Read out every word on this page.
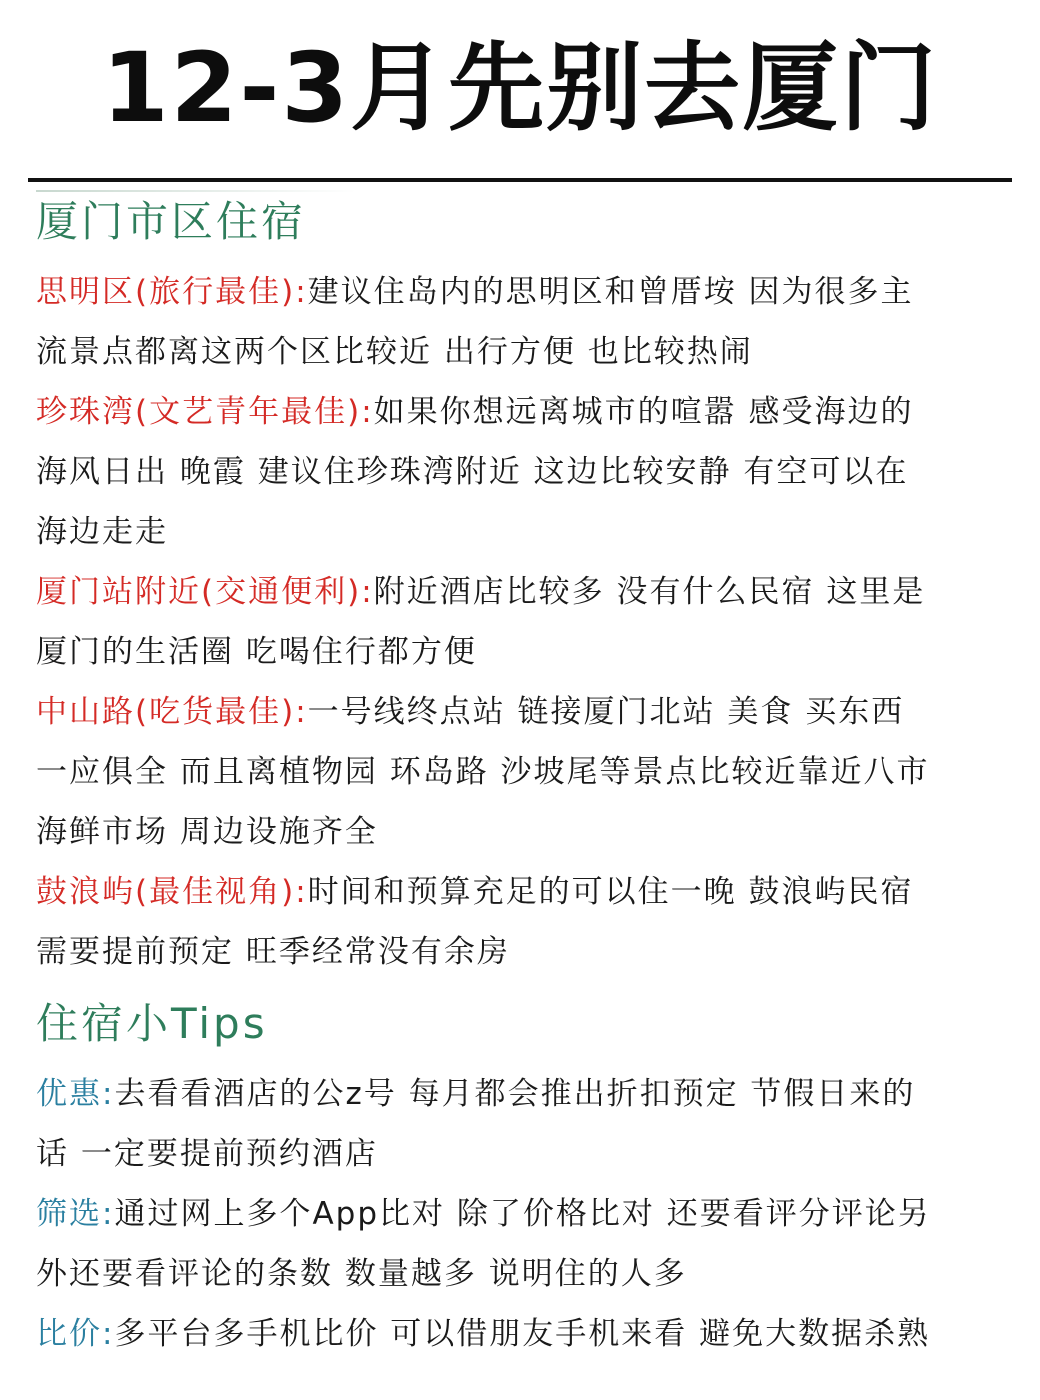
12-3月先别去厦门
厦门市区住宿

思明区(旅行最佳):建议住岛内的思明区和曾厝垵 因为很多主流景点都离这两个区比较近 出行方便 也比较热闹

珍珠湾(文艺青年最佳):如果你想远离城市的喧嚣 感受海边的海风日出 晚霞 建议住珍珠湾附近 这边比较安静 有空可以在海边走走

厦门站附近(交通便利):附近酒店比较多 没有什么民宿 这里是厦门的生活圈 吃喝住行都方便

中山路(吃货最佳):一号线终点站 链接厦门北站 美食 买东西 一应俱全 而且离植物园 环岛路 沙坡尾等景点比较近靠近八市海鲜市场 周边设施齐全

鼓浪屿(最佳视角):时间和预算充足的可以住一晚 鼓浪屿民宿需要提前预定 旺季经常没有余房

住宿小Tips

优惠:去看看酒店的公z号 每月都会推出折扣预定 节假日来的话 一定要提前预约酒店

筛选:通过网上多个App比对 除了价格比对 还要看评分评论另外还要看评论的条数 数量越多 说明住的人多

比价:多平台多手机比价 可以借朋友手机来看 避免大数据杀熟
